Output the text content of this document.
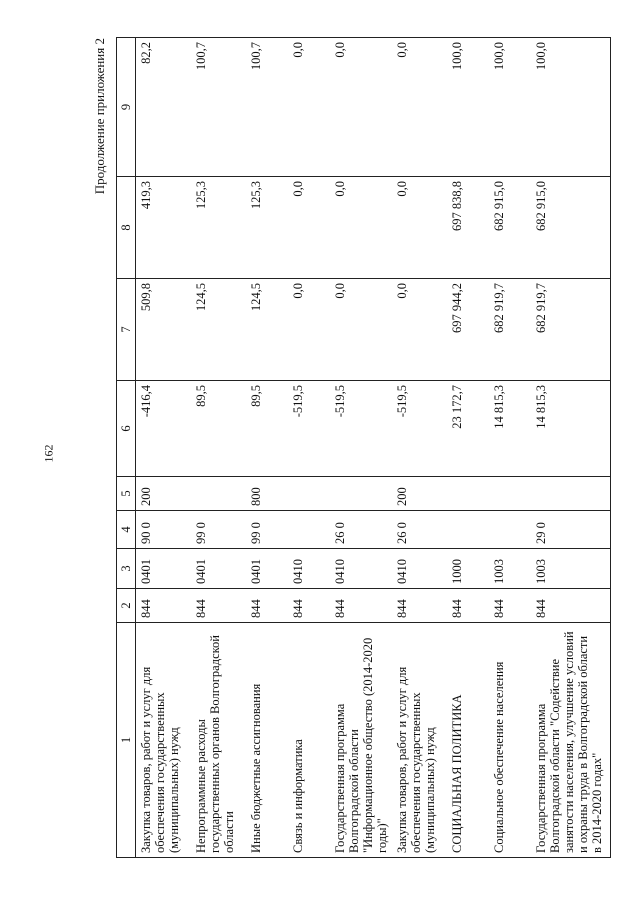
162
Продолжение приложения 2
1	2	3	4	5	6	7	8	9
Закупка товаров, работ и услуг для обеспечения государственных (муниципальных) нужд	844	0401	90 0	200	-416,4	509,8	419,3	82,2
Непрограммные расходы государственных органов Волгоградской области	844	0401	99 0		89,5	124,5	125,3	100,7
Иные бюджетные ассигнования	844	0401	99 0	800	89,5	124,5	125,3	100,7
Связь и информатика	844	0410			-519,5	0,0	0,0	0,0
Государственная программа Волгоградской области "Информационное общество (2014-2020 годы)"	844	0410	26 0		-519,5	0,0	0,0	0,0
Закупка товаров, работ и услуг для обеспечения государственных (муниципальных) нужд	844	0410	26 0	200	-519,5	0,0	0,0	0,0
СОЦИАЛЬНАЯ ПОЛИТИКА	844	1000			23 172,7	697 944,2	697 838,8	100,0
Социальное обеспечение населения	844	1003			14 815,3	682 919,7	682 915,0	100,0
Государственная программа Волгоградской области "Содействие занятости населения, улучшение условий и охраны труда в Волгоградской области в 2014-2020 годах"	844	1003	29 0		14 815,3	682 919,7	682 915,0	100,0
